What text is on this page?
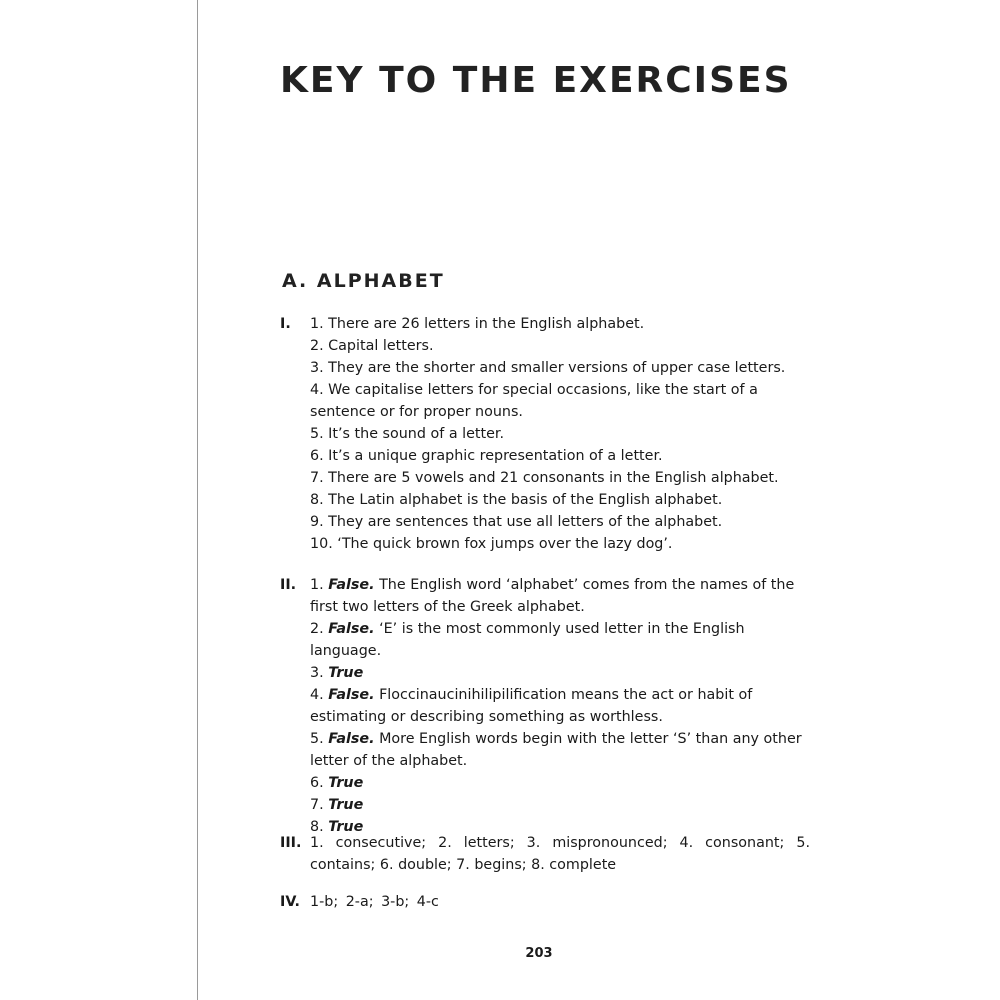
KEY TO THE EXERCISES
A. ALPHABET
I. 1. There are 26 letters in the English alphabet.
2. Capital letters.
3. They are the shorter and smaller versions of upper case letters.
4. We capitalise letters for special occasions, like the start of a sentence or for proper nouns.
5. It’s the sound of a letter.
6. It’s a unique graphic representation of a letter.
7. There are 5 vowels and 21 consonants in the English alphabet.
8. The Latin alphabet is the basis of the English alphabet.
9. They are sentences that use all letters of the alphabet.
10. ‘The quick brown fox jumps over the lazy dog’.
II. 1. False. The English word ‘alphabet’ comes from the names of the first two letters of the Greek alphabet.
2. False. ‘E’ is the most commonly used letter in the English language.
3. True
4. False. Floccinaucinihilipilification means the act or habit of estimating or describing something as worthless.
5. False. More English words begin with the letter ‘S’ than any other letter of the alphabet.
6. True
7. True
8. True
III. 1. consecutive; 2. letters; 3. mispronounced; 4. consonant; 5. contains; 6. double; 7. begins; 8. complete
IV. 1-b; 2-a; 3-b; 4-c
203
